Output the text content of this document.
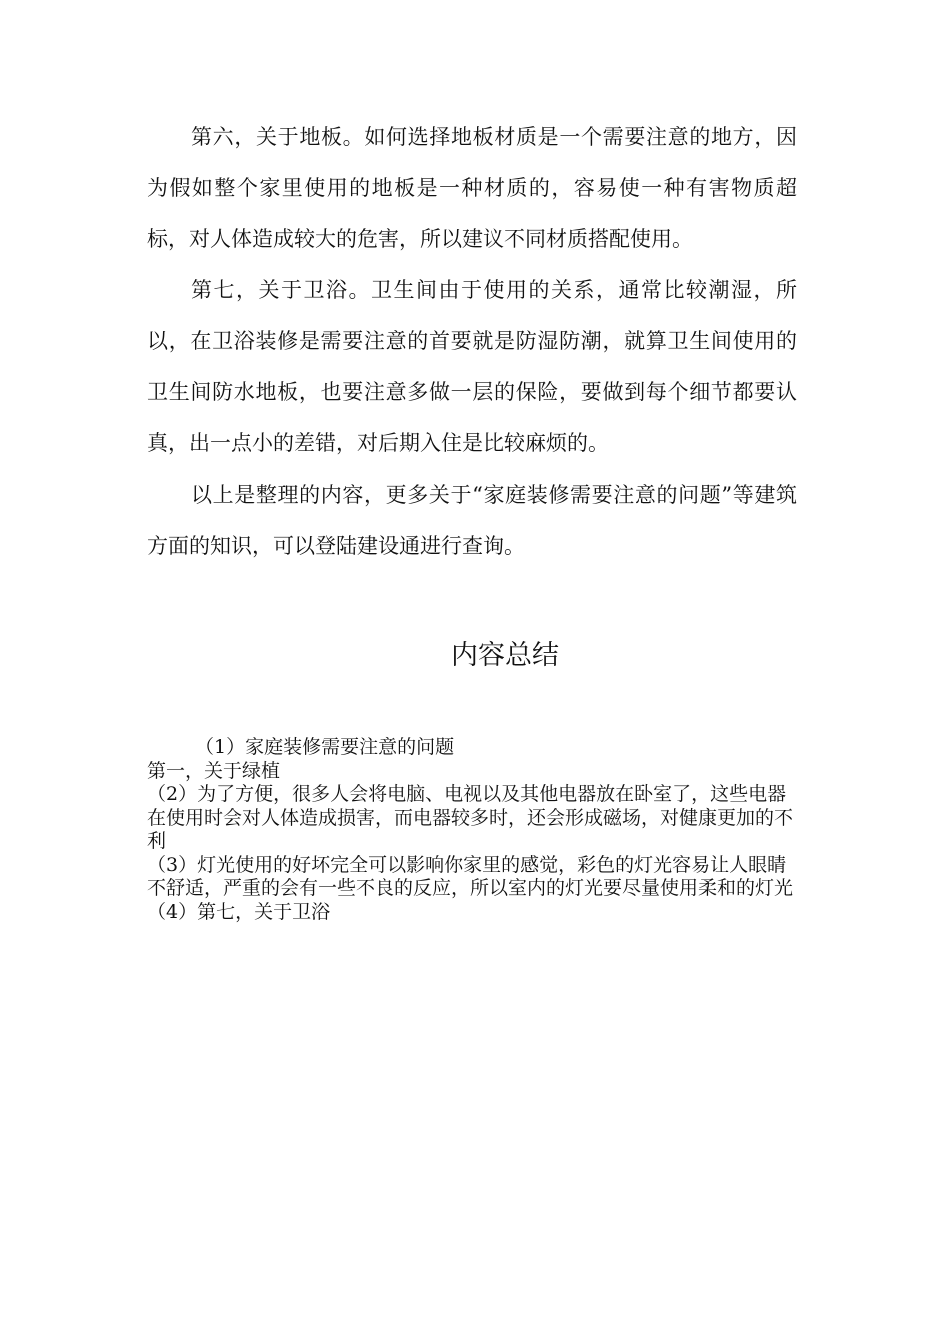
第六，关于地板。如何选择地板材质是一个需要注意的地方，因为假如整个家里使用的地板是一种材质的，容易使一种有害物质超标，对人体造成较大的危害，所以建议不同材质搭配使用。

第七，关于卫浴。卫生间由于使用的关系，通常比较潮湿，所以，在卫浴装修是需要注意的首要就是防湿防潮，就算卫生间使用的卫生间防水地板，也要注意多做一层的保险，要做到每个细节都要认真，出一点小的差错，对后期入住是比较麻烦的。

以上是整理的内容，更多关于“家庭装修需要注意的问题”等建筑方面的知识，可以登陆建设通进行查询。

内容总结

（1）家庭装修需要注意的问题

第一，关于绿植

（2）为了方便，很多人会将电脑、电视以及其他电器放在卧室了，这些电器在使用时会对人体造成损害，而电器较多时，还会形成磁场，对健康更加的不利

（3）灯光使用的好坏完全可以影响你家里的感觉，彩色的灯光容易让人眼睛不舒适，严重的会有一些不良的反应，所以室内的灯光要尽量使用柔和的灯光

（4）第七，关于卫浴
